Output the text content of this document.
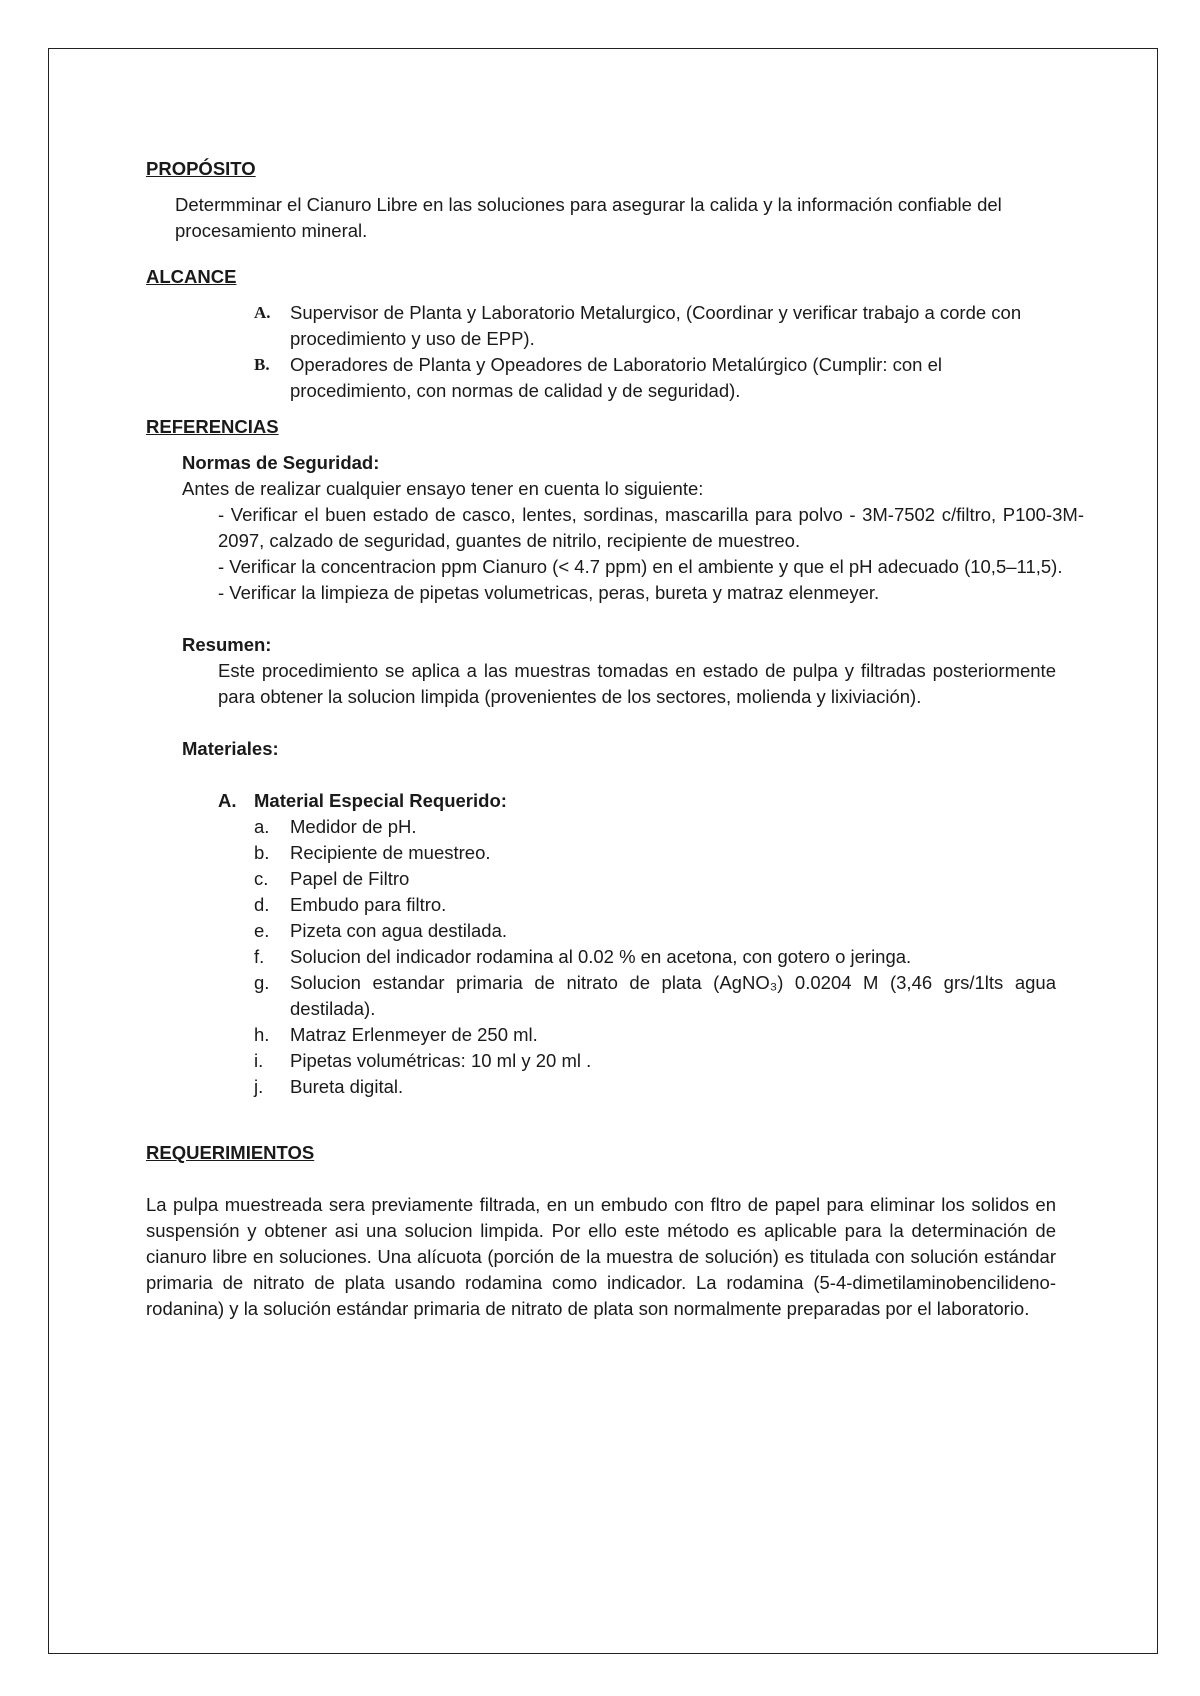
PROPÓSITO

Determminar el Cianuro Libre en las soluciones para asegurar la calida y la información confiable del procesamiento mineral.

ALCANCE

A.	Supervisor de Planta y Laboratorio Metalurgico, (Coordinar y verificar trabajo a corde con procedimiento y uso de EPP).
B.	Operadores de Planta y Opeadores de Laboratorio Metalúrgico (Cumplir: con el procedimiento, con normas de calidad y de seguridad).

REFERENCIAS

Normas de Seguridad:

Antes de realizar cualquier ensayo tener en cuenta lo siguiente:

- Verificar el buen estado de casco, lentes, sordinas, mascarilla para polvo - 3M-7502 c/filtro, P100-3M-2097, calzado de seguridad, guantes de nitrilo, recipiente de muestreo.

- Verificar la concentracion ppm Cianuro (< 4.7 ppm) en el ambiente y que el pH adecuado (10,5–11,5).

- Verificar la limpieza de pipetas volumetricas, peras, bureta y matraz elenmeyer.

Resumen:

Este procedimiento se aplica a las muestras tomadas en estado de pulpa y filtradas posteriormente para obtener la solucion limpida (provenientes de los sectores, molienda y lixiviación).

Materiales:

A. Material Especial Requerido:
a.	Medidor de pH.
b.	Recipiente de muestreo.
c.	Papel de Filtro
d.	Embudo para filtro.
e.	Pizeta con agua destilada.
f.	Solucion del indicador rodamina al 0.02 % en acetona, con gotero o jeringa.
g.	Solucion estandar primaria de nitrato de plata (AgNO₃) 0.0204 M (3,46 grs/1lts agua destilada).
h.	Matraz Erlenmeyer de 250 ml.
i.	Pipetas volumétricas: 10 ml y 20 ml .
j.	Bureta digital.

REQUERIMIENTOS

La pulpa muestreada sera previamente filtrada, en un embudo con fltro de papel para eliminar los solidos en suspensión y obtener asi una solucion limpida. Por ello este método es aplicable para la determinación de cianuro libre en soluciones. Una alícuota (porción de la muestra de solución) es titulada con solución estándar primaria de nitrato de plata usando rodamina como indicador. La rodamina (5-4-dimetilaminobencilideno-rodanina) y la solución estándar primaria de nitrato de plata son normalmente preparadas por el laboratorio.
